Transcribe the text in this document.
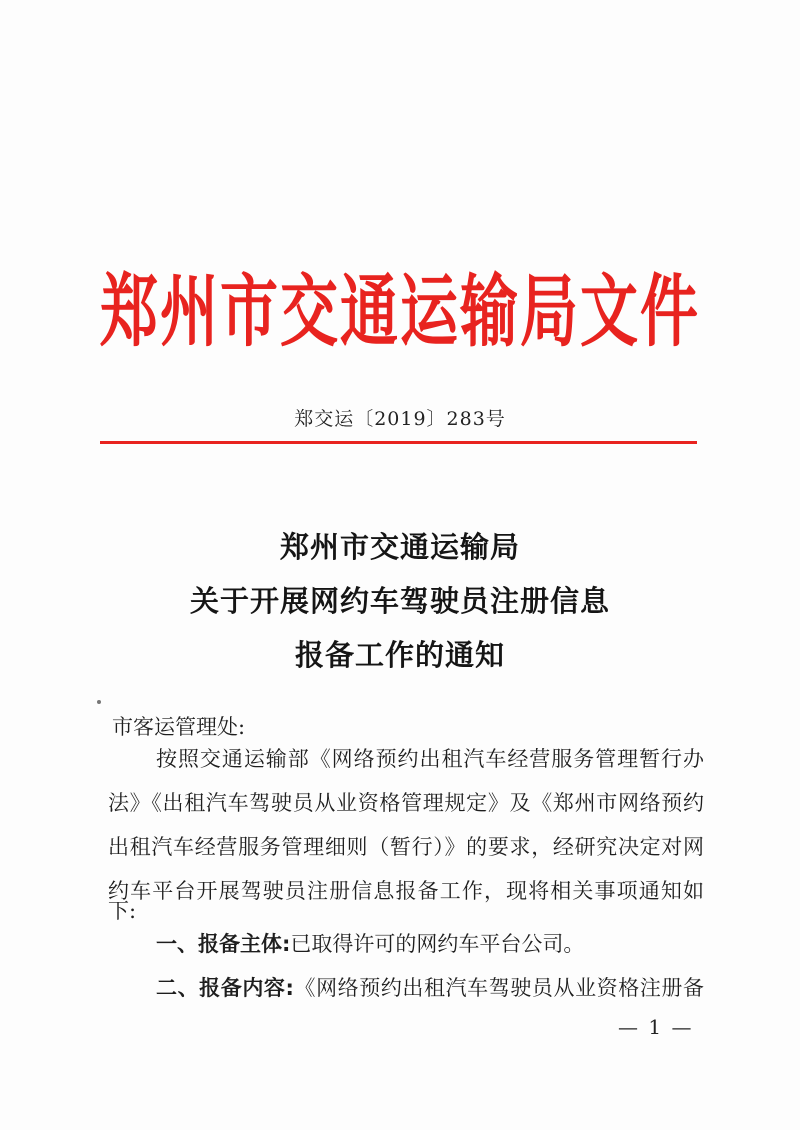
郑州市交通运输局文件
郑交运〔2019〕283号
郑州市交通运输局
关于开展网约车驾驶员注册信息
报备工作的通知
市客运管理处:
按照交通运输部《网络预约出租汽车经营服务管理暂行办
法》《出租汽车驾驶员从业资格管理规定》及《郑州市网络预约
出租汽车经营服务管理细则（暂行）》的要求，经研究决定对网
约车平台开展驾驶员注册信息报备工作，现将相关事项通知如
下:
一、报备主体:已取得许可的网约车平台公司。
二、报备内容:《网络预约出租汽车驾驶员从业资格注册备
— 1 —
